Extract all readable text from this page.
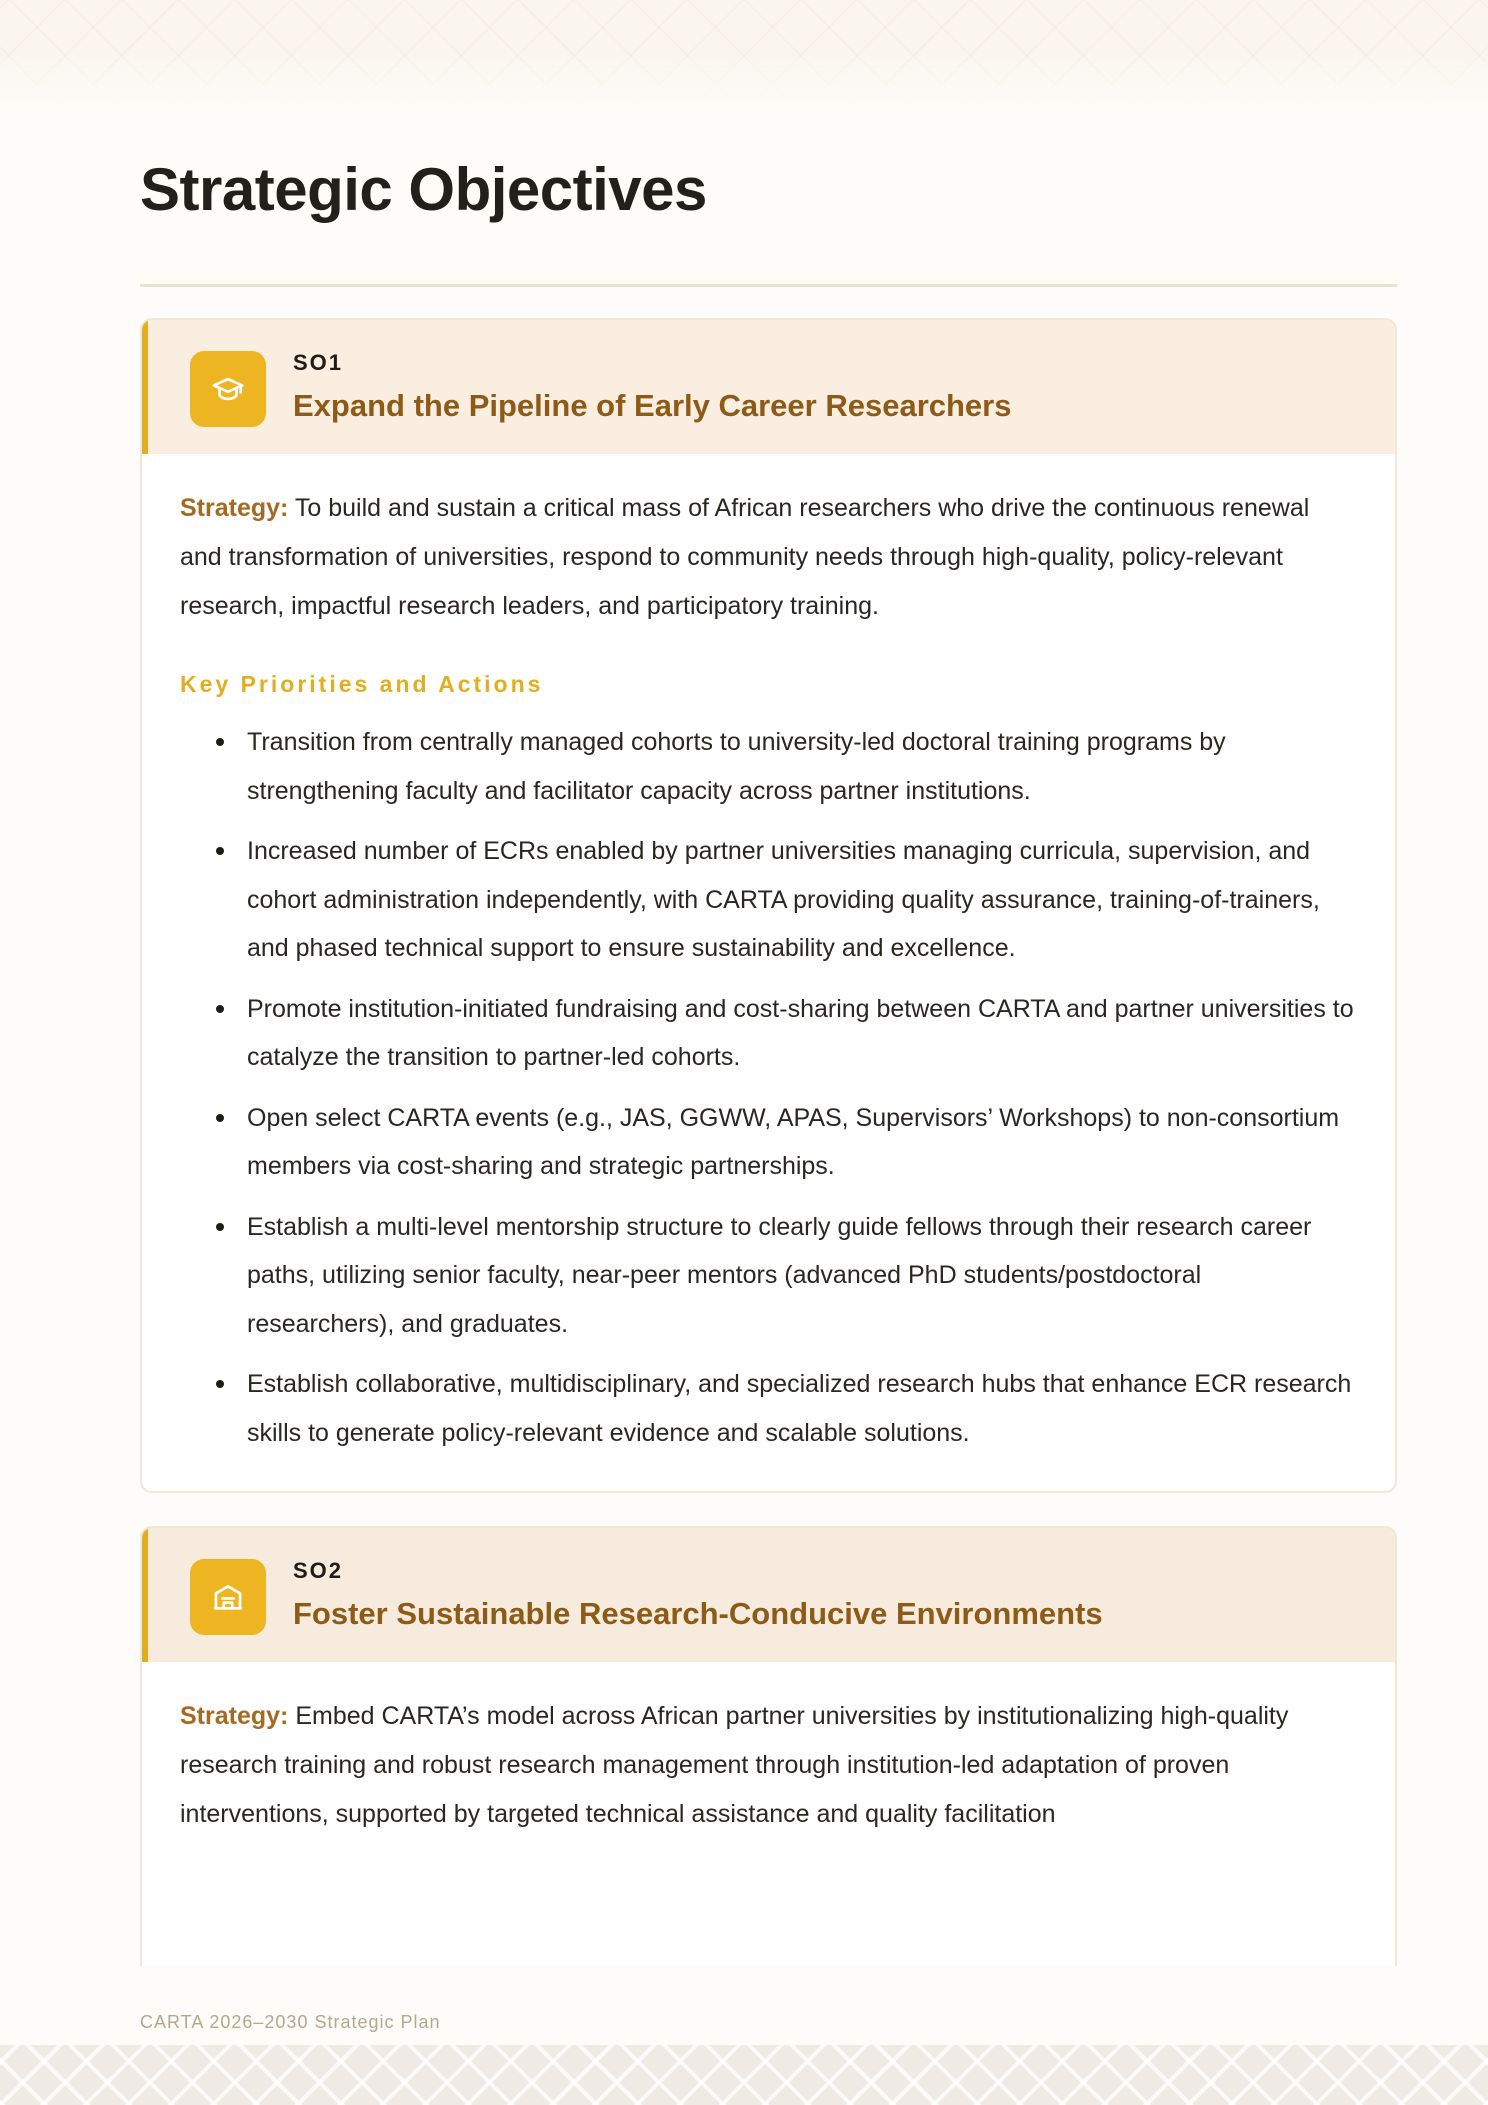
Strategic Objectives
SO1
Expand the Pipeline of Early Career Researchers

Strategy: To build and sustain a critical mass of African researchers who drive the continuous renewal and transformation of universities, respond to community needs through high-quality, policy-relevant research, impactful research leaders, and participatory training.

Key Priorities and Actions
Transition from centrally managed cohorts to university-led doctoral training programs by strengthening faculty and facilitator capacity across partner institutions.
Increased number of ECRs enabled by partner universities managing curricula, supervision, and cohort administration independently, with CARTA providing quality assurance, training-of-trainers, and phased technical support to ensure sustainability and excellence.
Promote institution-initiated fundraising and cost-sharing between CARTA and partner universities to catalyze the transition to partner-led cohorts.
Open select CARTA events (e.g., JAS, GGWW, APAS, Supervisors’ Workshops) to non-consortium members via cost-sharing and strategic partnerships.
Establish a multi-level mentorship structure to clearly guide fellows through their research career paths, utilizing senior faculty, near-peer mentors (advanced PhD students/postdoctoral researchers), and graduates.
Establish collaborative, multidisciplinary, and specialized research hubs that enhance ECR research skills to generate policy-relevant evidence and scalable solutions.
SO2
Foster Sustainable Research-Conducive Environments

Strategy: Embed CARTA’s model across African partner universities by institutionalizing high-quality research training and robust research management through institution-led adaptation of proven interventions, supported by targeted technical assistance and quality facilitation

CARTA 2026–2030 Strategic Plan
